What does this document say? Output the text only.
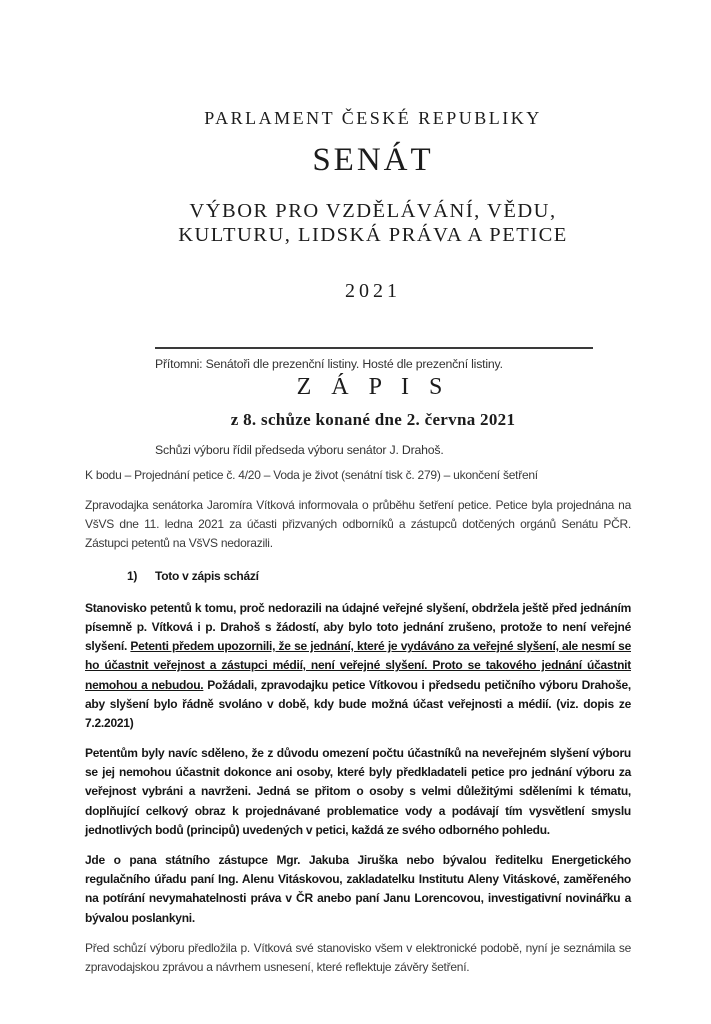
PARLAMENT ČESKÉ REPUBLIKY
SENÁT
VÝBOR PRO VZDĚLÁVÁNÍ, VĚDU,
KULTURU, LIDSKÁ PRÁVA A PETICE
2021
Přítomni: Senátoři dle prezenční listiny. Hosté dle prezenční listiny.
Z Á P I S
z 8. schůze konané dne 2. června 2021
Schůzi výboru řídil předseda výboru senátor J. Drahoš.

K bodu – Projednání petice č. 4/20 – Voda je život (senátní tisk č. 279) – ukončení šetření

Zpravodajka senátorka Jaromíra Vítková informovala o průběhu šetření petice. Petice byla projednána na VšVS dne 11. ledna 2021 za účasti přizvaných odborníků a zástupců dotčených orgánů Senátu PČR. Zástupci petentů na VšVS nedorazili.

1)	Toto v zápis schází

Stanovisko petentů k tomu, proč nedorazili na údajné veřejné slyšení, obdržela ještě před jednáním písemně p. Vítková i p. Drahoš s žádostí, aby bylo toto jednání zrušeno, protože to není veřejné slyšení. Petenti předem upozornili, že se jednání, které je vydáváno za veřejné slyšení, ale nesmí se ho účastnit veřejnost a zástupci médií, není veřejné slyšení. Proto se takového jednání účastnit nemohou a nebudou. Požádali, zpravodajku petice Vítkovou i předsedu petičního výboru Drahoše, aby slyšení bylo řádně svoláno v době, kdy bude možná účast veřejnosti a médií. (viz. dopis ze 7.2.2021)

Petentům byly navíc sděleno, že z důvodu omezení počtu účastníků na neveřejném slyšení výboru se jej nemohou účastnit dokonce ani osoby, které byly předkladateli petice pro jednání výboru za veřejnost vybráni a navrženi. Jedná se přitom o osoby s velmi důležitými sděleními k tématu, doplňující celkový obraz k projednávané problematice vody a podávají tím vysvětlení smyslu jednotlivých bodů (principů) uvedených v petici, každá ze svého odborného pohledu.

Jde o pana státního zástupce Mgr. Jakuba Jiruška nebo bývalou ředitelku Energetického regulačního úřadu paní Ing. Alenu Vitáskovou, zakladatelku Institutu Aleny Vitáskové, zaměřeného na potírání nevymahatelnosti práva v ČR anebo paní Janu Lorencovou, investigativní novinářku a bývalou poslankyni.

Před schůzí výboru předložila p. Vítková své stanovisko všem v elektronické podobě, nyní je seznámila se zpravodajskou zprávou a návrhem usnesení, které reflektuje závěry šetření.
